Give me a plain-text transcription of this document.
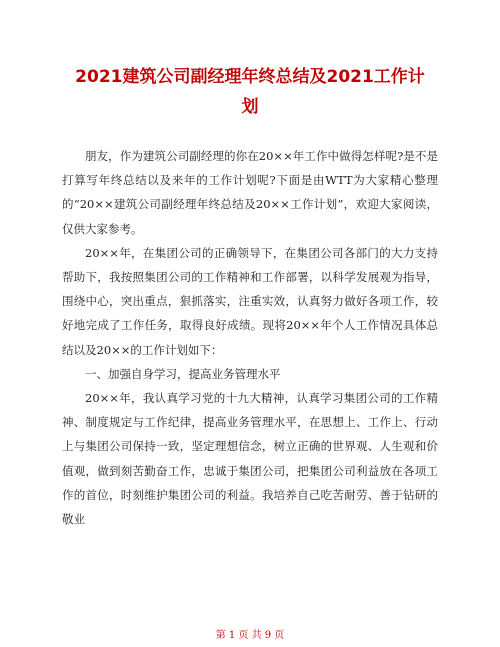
2021建筑公司副经理年终总结及2021工作计
划

朋友，作为建筑公司副经理的你在20××年工作中做得怎样呢?是不是打算写年终总结以及来年的工作计划呢?下面是由WTT为大家精心整理的“20××建筑公司副经理年终总结及20××工作计划”，欢迎大家阅读，仅供大家参考。

20××年，在集团公司的正确领导下，在集团公司各部门的大力支持帮助下，我按照集团公司的工作精神和工作部署，以科学发展观为指导，围绕中心，突出重点，狠抓落实，注重实效，认真努力做好各项工作，较好地完成了工作任务，取得良好成绩。现将20××年个人工作情况具体总结以及20××的工作计划如下：

一、加强自身学习，提高业务管理水平

20××年，我认真学习党的十九大精神，认真学习集团公司的工作精神、制度规定与工作纪律，提高业务管理水平，在思想上、工作上、行动上与集团公司保持一致，坚定理想信念，树立正确的世界观、人生观和价值观，做到刻苦勤奋工作，忠诚于集团公司，把集团公司利益放在各项工作的首位，时刻维护集团公司的利益。我培养自己吃苦耐劳、善于钻研的敬业

第 1 页 共 9 页
